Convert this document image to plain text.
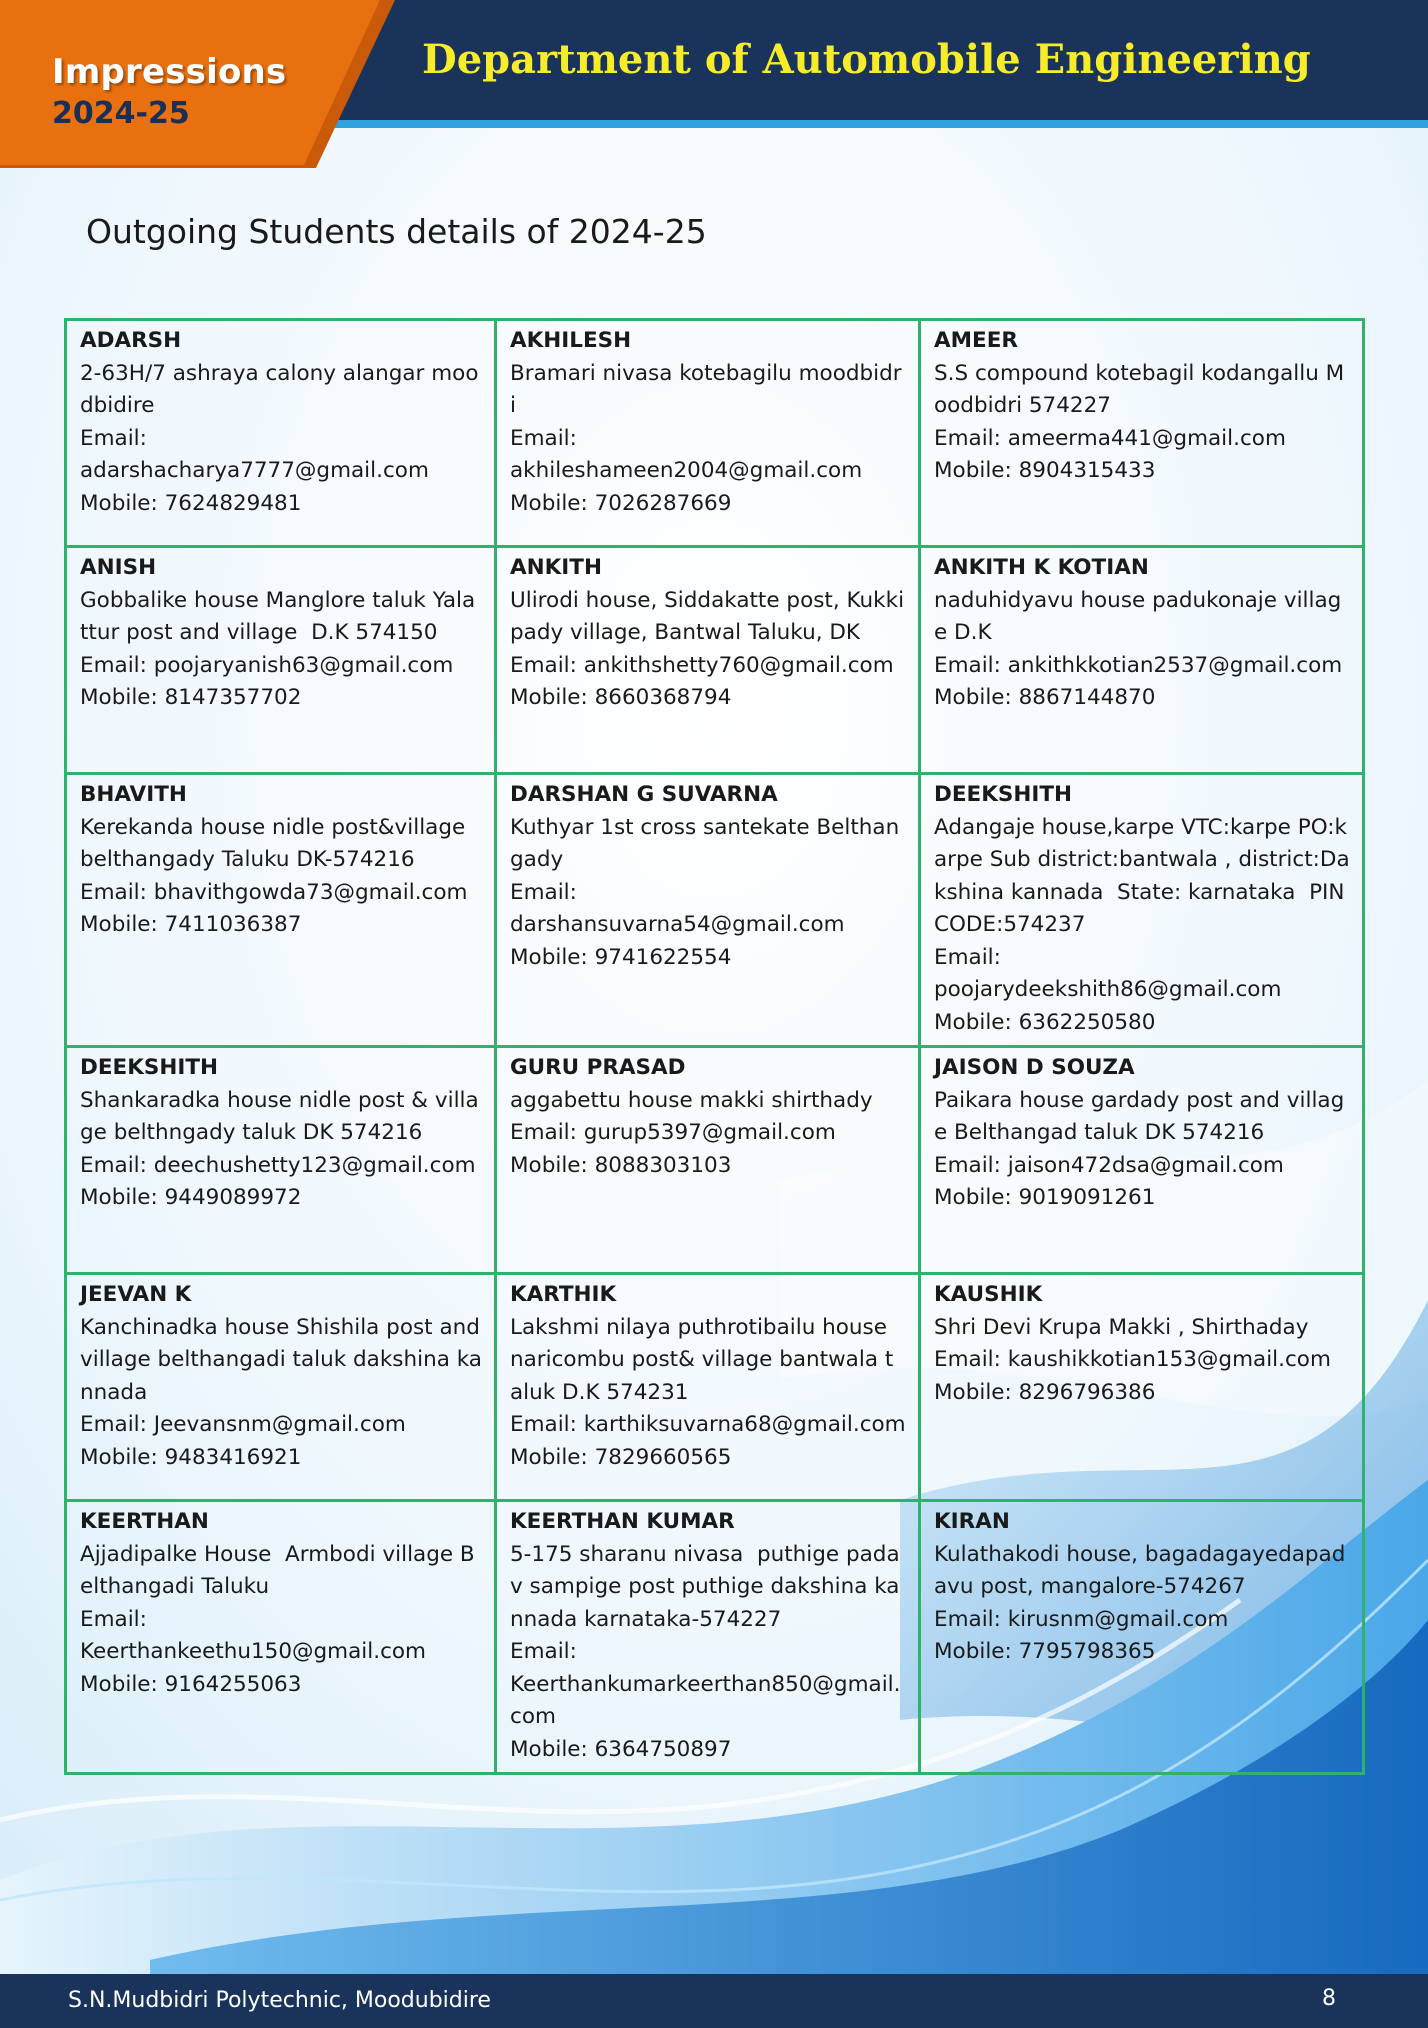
Impressions
2024-25
Department of Automobile Engineering
Outgoing Students details of 2024-25
ADARSH
2-63H/7 ashraya calony alangar moodbidire
Email:
adarshacharya7777@gmail.com
Mobile: 7624829481	AKHILESH
Bramari nivasa kotebagilu moodbidri
Email:
akhileshameen2004@gmail.com
Mobile: 7026287669	AMEER
S.S compound kotebagil kodangallu Moodbidri 574227
Email: ameerma441@gmail.com
Mobile: 8904315433

ANISH
Gobbalike house Manglore taluk Yalattur post and village  D.K 574150
Email: poojaryanish63@gmail.com
Mobile: 8147357702	ANKITH
Ulirodi house, Siddakatte post, Kukkipady village, Bantwal Taluku, DK
Email: ankithshetty760@gmail.com
Mobile: 8660368794	ANKITH K KOTIAN
naduhidyavu house padukonaje village D.K
Email: ankithkkotian2537@gmail.com
Mobile: 8867144870

BHAVITH
Kerekanda house nidle post&village belthangady Taluku DK-574216
Email: bhavithgowda73@gmail.com
Mobile: 7411036387	DARSHAN G SUVARNA
Kuthyar 1st cross santekate Belthangady
Email:
darshansuvarna54@gmail.com
Mobile: 9741622554	DEEKSHITH
Adangaje house,karpe VTC:karpe PO:karpe Sub district:bantwala , district:Dakshina kannada  State: karnataka  PIN CODE:574237
Email:
poojarydeekshith86@gmail.com
Mobile: 6362250580

DEEKSHITH
Shankaradka house nidle post & village belthngady taluk DK 574216
Email: deechushetty123@gmail.com
Mobile: 9449089972	GURU PRASAD
aggabettu house makki shirthady
Email: gurup5397@gmail.com
Mobile: 8088303103	JAISON D SOUZA
Paikara house gardady post and village Belthangad taluk DK 574216
Email: jaison472dsa@gmail.com
Mobile: 9019091261

JEEVAN K
Kanchinadka house Shishila post and village belthangadi taluk dakshina kannada
Email: Jeevansnm@gmail.com
Mobile: 9483416921	KARTHIK
Lakshmi nilaya puthrotibailu house naricombu post& village bantwala taluk D.K 574231
Email: karthiksuvarna68@gmail.com
Mobile: 7829660565	KAUSHIK
Shri Devi Krupa Makki , Shirthaday
Email: kaushikkotian153@gmail.com
Mobile: 8296796386

KEERTHAN
Ajjadipalke House  Armbodi village Belthangadi Taluku
Email:
Keerthankeethu150@gmail.com
Mobile: 9164255063	KEERTHAN KUMAR
5-175 sharanu nivasa  puthige padav sampige post puthige dakshina kannada karnataka-574227
Email:
Keerthankumarkeerthan850@gmail.com
Mobile: 6364750897	KIRAN
Kulathakodi house, bagadagayedapadavu post, mangalore-574267
Email: kirusnm@gmail.com
Mobile: 7795798365
S.N.Mudbidri Polytechnic, Moodubidire	8
